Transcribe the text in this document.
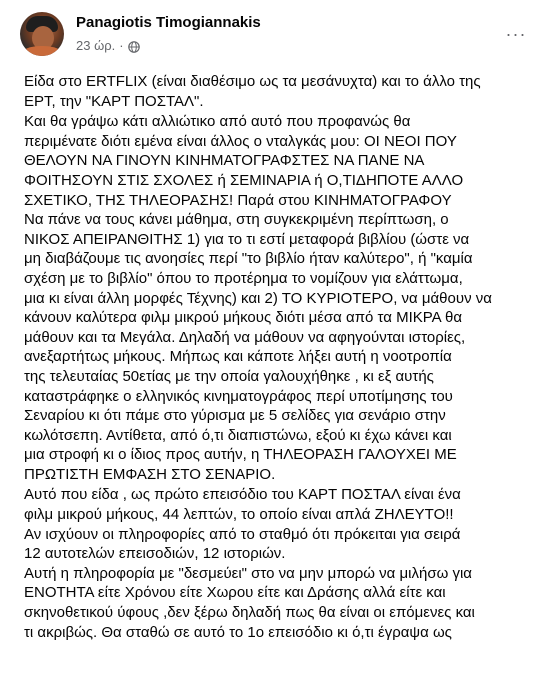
Panagiotis Timogiannakis
23 ώρ. ·
···

Είδα στο ERTFLIX (είναι διαθέσιμο ως τα μεσάνυχτα) και το άλλο της
ΕΡΤ, την "ΚΑΡΤ ΠΟΣΤΑΛ".

Και θα γράψω κάτι αλλιώτικο από αυτό που προφανώς θα
περιμένατε διότι εμένα είναι άλλος ο νταλγκάς μου: ΟΙ ΝΕΟΙ ΠΟΥ
ΘΕΛΟΥΝ ΝΑ ΓΙΝΟΥΝ ΚΙΝΗΜΑΤΟΓΡΑΦΣΤΕΣ ΝΑ ΠΑΝΕ ΝΑ
ΦΟΙΤΗΣΟΥΝ ΣΤΙΣ ΣΧΟΛΕΣ ή ΣΕΜΙΝΑΡΙΑ ή Ο,ΤΙΔΗΠΟΤΕ ΑΛΛΟ
ΣΧΕΤΙΚΟ, ΤΗΣ ΤΗΛΕΟΡΑΣΗΣ! Παρά στου ΚΙΝΗΜΑΤΟΓΡΑΦΟΥ
Να πάνε να τους κάνει μάθημα, στη συγκεκριμένη περίπτωση, ο
ΝΙΚΟΣ ΑΠΕΙΡΑΝΘΙΤΗΣ 1) για το τι εστί μεταφορά βιβλίου (ώστε να
μη διαβάζουμε τις ανοησίες περί "το βιβλίο ήταν καλύτερο", ή "καμία
σχέση με το βιβλίο" όπου το προτέρημα το νομίζουν για ελάττωμα,
μια κι είναι άλλη μορφές Τέχνης) και 2) ΤΟ ΚΥΡΙΟΤΕΡΟ, να μάθουν να
κάνουν καλύτερα φιλμ μικρού μήκους διότι μέσα από τα ΜΙΚΡΑ θα
μάθουν και τα Μεγάλα. Δηλαδή να μάθουν να αφηγούνται ιστορίες,
ανεξαρτήτως μήκους. Μήπως και κάποτε λήξει αυτή η νοοτροπία
της τελευταίας 50ετίας με την οποία γαλουχήθηκε , κι εξ αυτής
καταστράφηκε ο ελληνικός κινηματογράφος περί υποτίμησης του
Σεναρίου κι ότι πάμε στο γύρισμα με 5 σελίδες για σενάριο στην
κωλότσεπη. Αντίθετα, από ό,τι διαπιστώνω, εξού κι έχω κάνει και
μια στροφή κι ο ίδιος προς αυτήν, η ΤΗΛΕΟΡΑΣΗ ΓΑΛΟΥΧΕΙ ΜΕ
ΠΡΩΤΙΣΤΗ ΕΜΦΑΣΗ ΣΤΟ ΣΕΝΑΡΙΟ.

Αυτό που είδα , ως πρώτο επεισόδιο του ΚΑΡΤ ΠΟΣΤΑΛ είναι ένα
φιλμ μικρού μήκους, 44 λεπτών, το οποίο είναι απλά ΖΗΛΕΥΤΟ!!
Αν ισχύουν οι πληροφορίες από το σταθμό ότι πρόκειται για σειρά
12 αυτοτελών επεισοδιών, 12 ιστοριών.
Αυτή η πληροφορία με "δεσμεύει" στο να μην μπορώ να μιλήσω για
ΕΝΟΤΗΤΑ είτε Χρόνου είτε Χωρου είτε και Δράσης αλλά είτε και
σκηνοθετικού ύφους ,δεν ξέρω δηλαδή πως θα είναι οι επόμενες και
τι ακριβώς. Θα σταθώ σε αυτό το 1ο επεισόδιο κι ό,τι έγραψα ως
